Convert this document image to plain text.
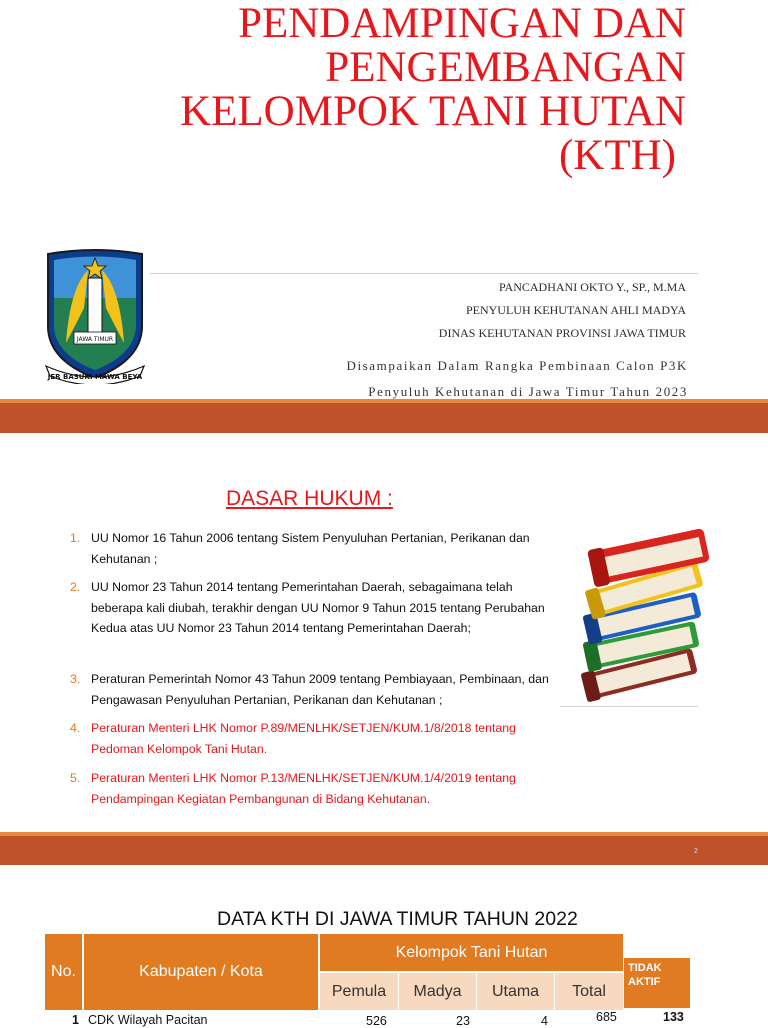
PENDAMPINGAN DAN
PENGEMBANGAN
KELOMPOK TANI HUTAN
(KTH)
JAWA TIMUR
JER BASUKI MAWA BEYA
PANCADHANI OKTO Y., SP., M.MA
PENYULUH KEHUTANAN AHLI MADYA
DINAS KEHUTANAN PROVINSI JAWA TIMUR
Disampaikan Dalam Rangka Pembinaan Calon P3K
Penyuluh Kehutanan di Jawa Timur Tahun 2023
DASAR HUKUM :
1. UU Nomor 16 Tahun 2006 tentang Sistem Penyuluhan Pertanian, Perikanan dan Kehutanan ;
2. UU Nomor 23 Tahun 2014 tentang Pemerintahan Daerah, sebagaimana telah beberapa kali diubah, terakhir dengan UU Nomor 9 Tahun 2015 tentang Perubahan Kedua atas UU Nomor 23 Tahun 2014 tentang Pemerintahan Daerah;
3. Peraturan Pemerintah Nomor 43 Tahun 2009 tentang Pembiayaan, Pembinaan, dan Pengawasan Penyuluhan Pertanian, Perikanan dan Kehutanan ;
4. Peraturan Menteri LHK Nomor P.89/MENLHK/SETJEN/KUM.1/8/2018 tentang Pedoman Kelompok Tani Hutan.
5. Peraturan Menteri LHK Nomor P.13/MENLHK/SETJEN/KUM.1/4/2019 tentang Pendampingan Kegiatan Pembangunan di Bidang Kehutanan.
2
DATA KTH DI JAWA TIMUR TAHUN 2022
No.	Kabupaten / Kota
Kelompok Tani Hutan
Pemula	Madya	Utama	Total
TIDAK AKTIF
1 CDK Wilayah Pacitan	526	23	4	685	133
